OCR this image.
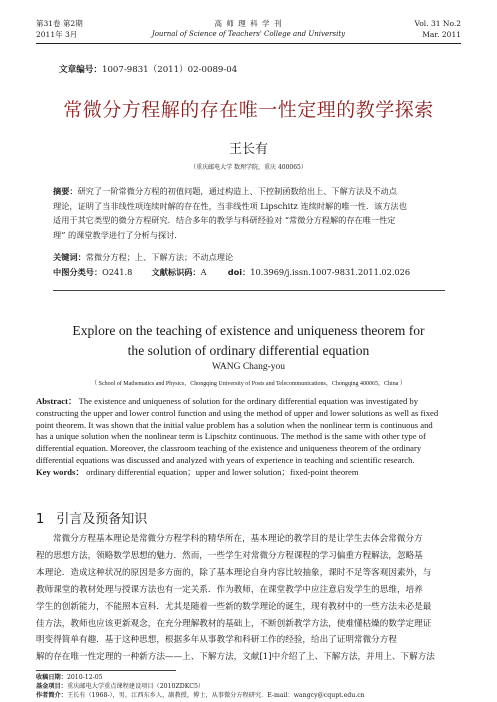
第31卷 第2期
2011年 3月
高 师 理 科 学 刊
Journal of Science of Teachers' College and University
Vol. 31 No.2
Mar. 2011
文章编号：1007-9831（2011）02-0089-04
常微分方程解的存在唯一性定理的教学探索
王长有
（重庆邮电大学 数理学院，重庆 400065）
摘要：研究了一阶常微分方程的初值问题，通过构造上、下控制函数给出上、下解方法及不动点
理论，证明了当非线性项连续时解的存在性，当非线性项 Lipschitz 连续时解的唯一性．该方法也
适用于其它类型的微分方程研究．结合多年的教学与科研经验对 “常微分方程解的存在唯一性定
理” 的课堂教学进行了分析与探讨．
关键词：常微分方程；上、下解方法；不动点理论
中图分类号：O241.8 文献标识码：A	doi：10.3969/j.issn.1007-9831.2011.02.026
Explore on the teaching of existence and uniqueness theorem for
the solution of ordinary differential equation
WANG Chang-you
（ School of Mathematics and Physics，Chongqing University of Posts and Telecommunications，Chongqing 400065，China ）
Abstract： The existence and uniqueness of solution for the ordinary differential equation was investigated by
constructing the upper and lower control function and using the method of upper and lower solutions as well as fixed
point theorem. It was shown that the initial value problem has a solution when the nonlinear term is continuous and
has a unique solution when the nonlinear term is Lipschitz continuous. The method is the same with other type of
differential equation. Moreover, the classroom teaching of the existence and uniqueness theorem of the ordinary
differential equations was discussed and analyzed with years of experience in teaching and scientific research.
Key words： ordinary differential equation；upper and lower solution；fixed-point theorem
1 引言及预备知识
常微分方程基本理论是常微分方程学科的精华所在，基本理论的教学目的是让学生去体会常微分方
程的思想方法，领略数学思想的魅力．然而，一些学生对常微分方程课程的学习偏重方程解法，忽略基
本理论．造成这种状况的原因是多方面的，除了基本理论自身内容比较抽象，课时不足等客观因素外，与
教师课堂的教材处理与授课方法也有一定关系．作为教师，在课堂教学中应注意启发学生的思维，培养
学生的创新能力，不能照本宣科．尤其是随着一些新的数学理论的诞生，现有教材中的一些方法未必是最
佳方法，教师也应该更新观念，在充分理解教材的基础上，不断创新教学方法，使难懂枯燥的数学定理证
明变得简单有趣．基于这种思想，根据多年从事教学和科研工作的经验，给出了证明常微分方程
解的存在唯一性定理的一种新方法——上、下解方法，文献[1]中介绍了上、下解方法，并用上、下解方法
收稿日期：2010-12-05
基金项目：重庆邮电大学重点课程建设项目（2010ZDKC5）
作者简介：王长有（1968-），男，江西东乡人，副教授，博士，从事微分方程研究．E-mail：wangcy@cqupt.edu.cn
